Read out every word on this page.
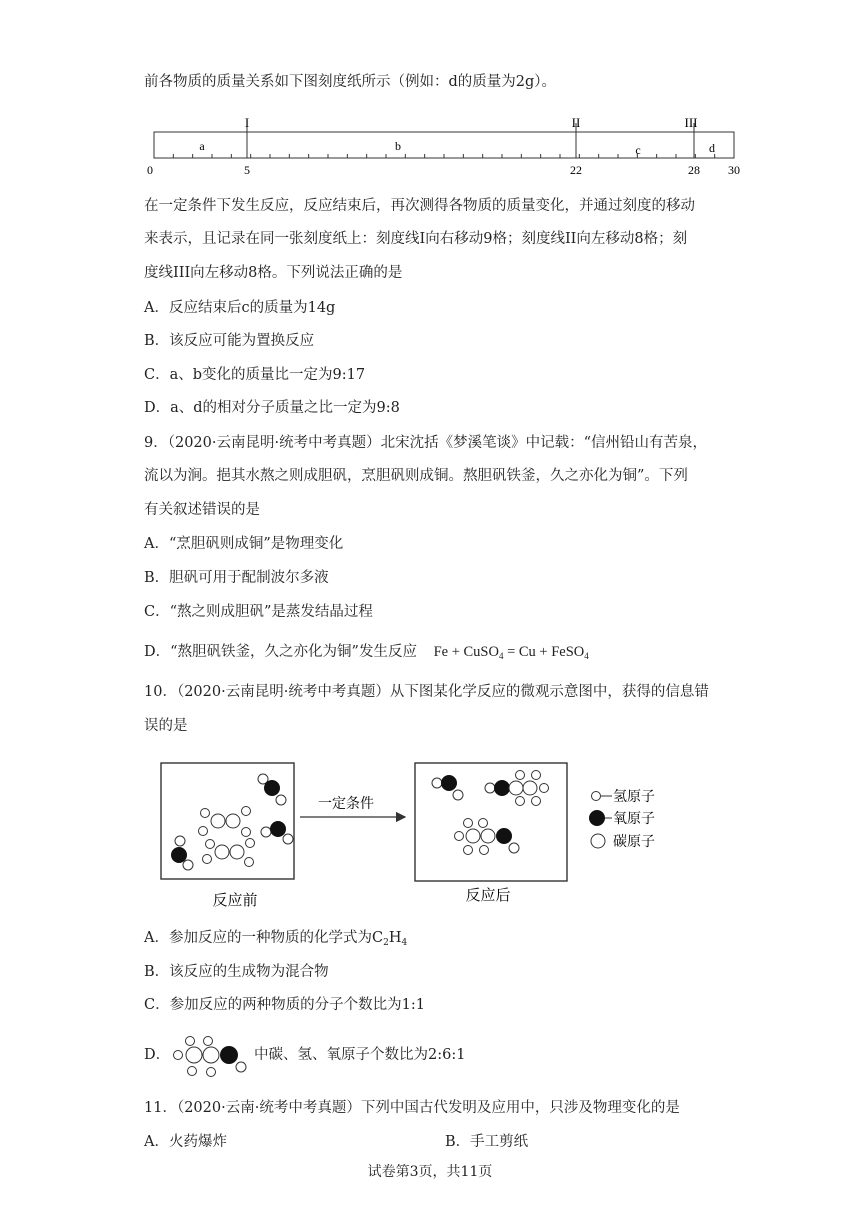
前各物质的质量关系如下图刻度纸所示（例如：d的质量为2g）。
I	II	III
a	b	c	d
0	5	22	28 30
在一定条件下发生反应，反应结束后，再次测得各物质的质量变化，并通过刻度的移动
来表示，且记录在同一张刻度纸上：刻度线I向右移动9格；刻度线II向左移动8格；刻
度线III向左移动8格。下列说法正确的是
A．反应结束后c的质量为14g
B．该反应可能为置换反应
C．a、b变化的质量比一定为9:17
D．a、d的相对分子质量之比一定为9:8
9．（2020·云南昆明·统考中考真题）北宋沈括《梦溪笔谈》中记载：“信州铅山有苦泉，
流以为涧。挹其水熬之则成胆矾，烹胆矾则成铜。熬胆矾铁釜，久之亦化为铜”。下列
有关叙述错误的是
A．“烹胆矾则成铜”是物理变化
B．胆矾可用于配制波尔多液
C．“熬之则成胆矾”是蒸发结晶过程
D．“熬胆矾铁釜，久之亦化为铜”发生反应 Fe + CuSO$_4$ = Cu + FeSO$_4$
10．（2020·云南昆明·统考中考真题）从下图某化学反应的微观示意图中，获得的信息错
误的是
一定条件	氢原子
氧原子
碳原子
反应前	反应后
A．参加反应的一种物质的化学式为$C_2H_4$
B．该反应的生成物为混合物
C．参加反应的两种物质的分子个数比为1:1
D．	中碳、氢、氧原子个数比为2:6:1
11．（2020·云南·统考中考真题）下列中国古代发明及应用中，只涉及物理变化的是
A．火药爆炸	B．手工剪纸
试卷第3页，共11页
